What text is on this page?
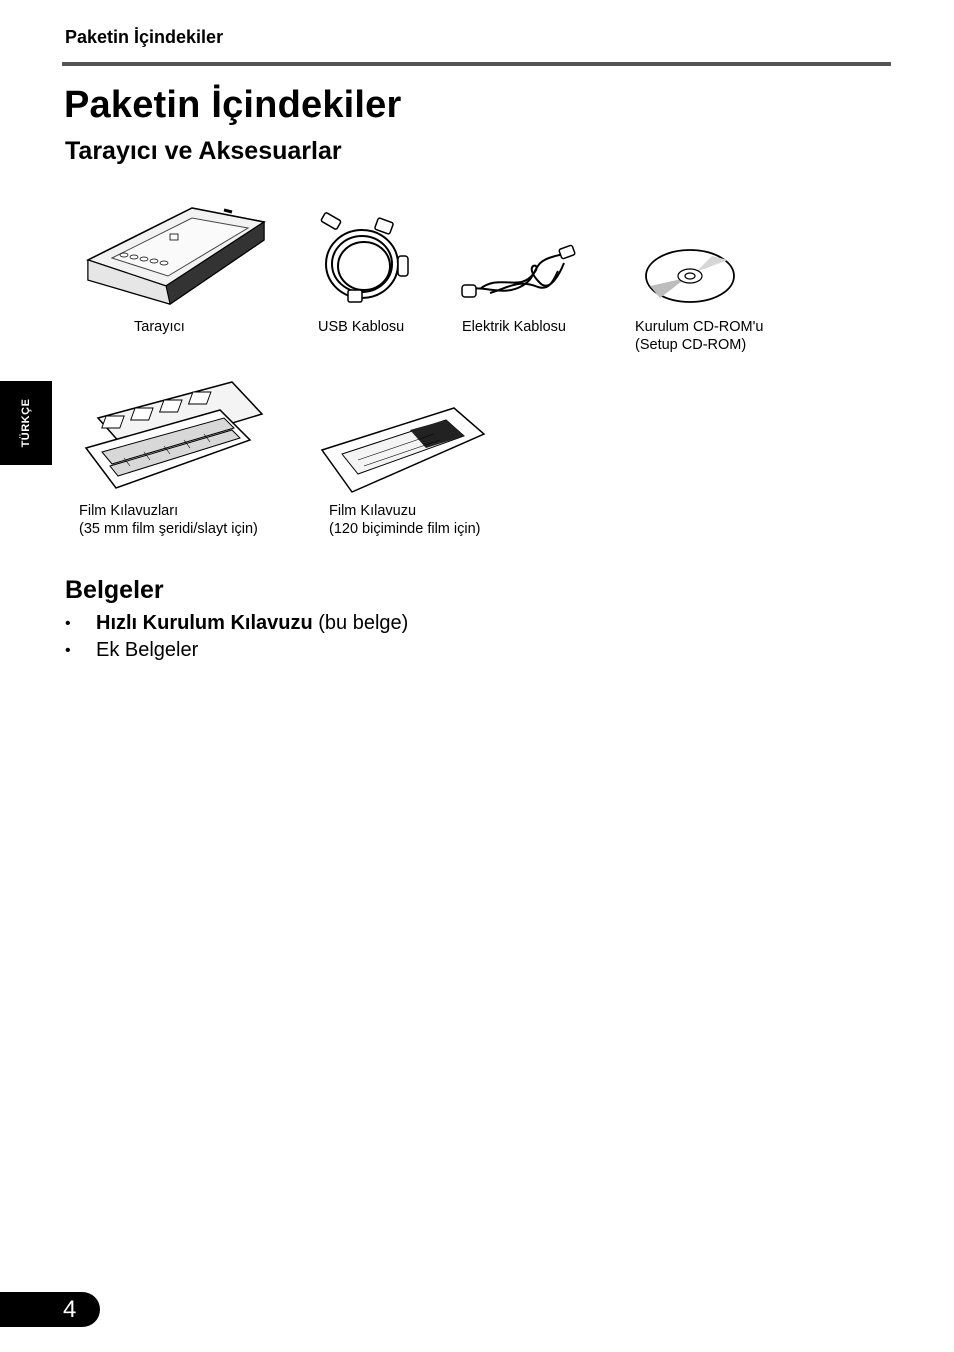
Paketin İçindekiler
Paketin İçindekiler
Tarayıcı ve Aksesuarlar
TÜRKÇE
Tarayıcı	USB Kablosu	Elektrik Kablosu	Kurulum CD-ROM'u
(Setup CD-ROM)
Film Kılavuzları
(35 mm film şeridi/slayt için)
Film Kılavuzu
(120 biçiminde film için)
Belgeler
• Hızlı Kurulum Kılavuzu (bu belge)
• Ek Belgeler
4
